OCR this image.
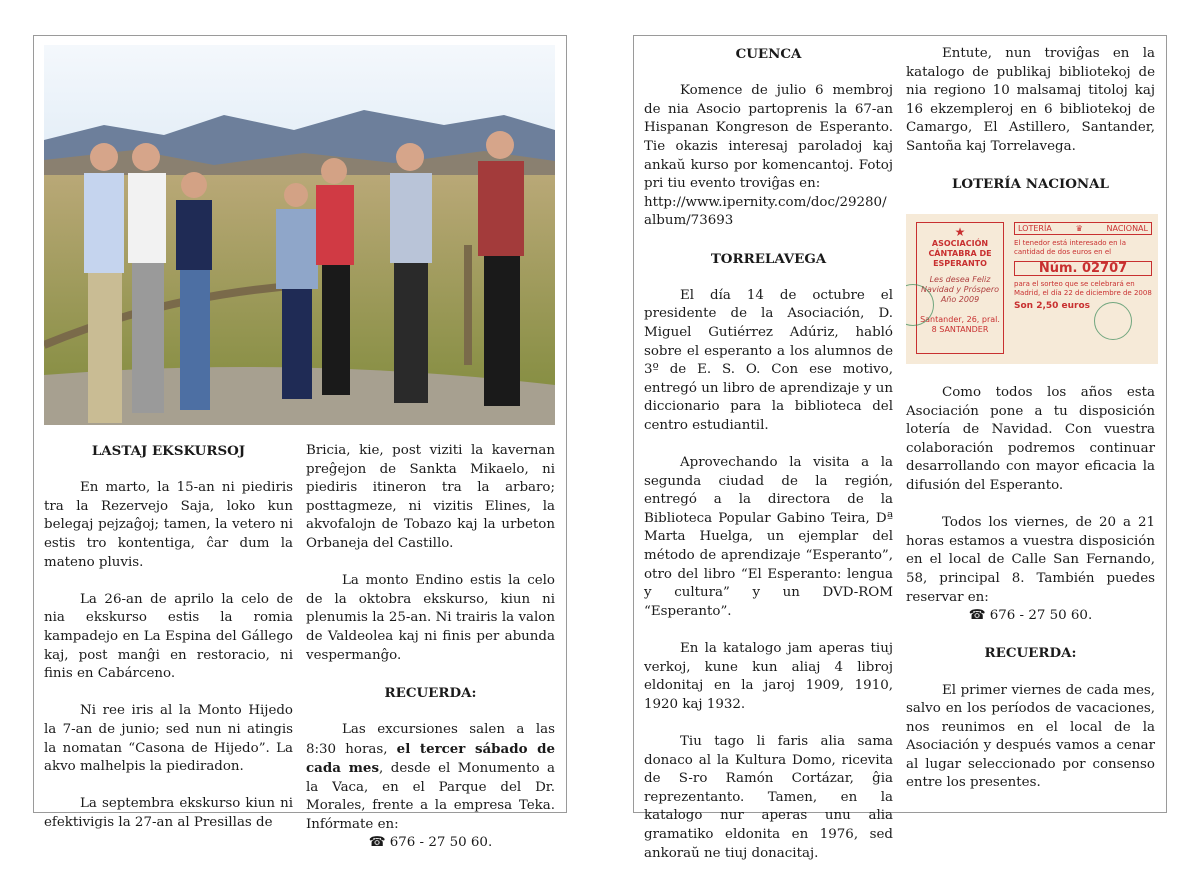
LASTAJ EKSKURSOJ

En marto, la 15-an ni piediris tra la Rezervejo Saja, loko kun belegaj pejzaĝoj; tamen, la vetero ni estis tro kontentiga, ĉar dum la mateno pluvis.

La 26-an de aprilo la celo de nia ekskurso estis la romia kampadejo en La Espina del Gállego kaj, post manĝi en restoracio, ni finis en Cabárceno.

Ni ree iris al la Monto Hijedo la 7-an de junio; sed nun ni atingis la nomatan “Casona de Hijedo”. La akvo malhelpis la piediradon.

La septembra ekskurso kiun ni efektivigis la 27-an al Presillas de

Bricia, kie, post viziti la kavernan preĝejon de Sankta Mikaelo, ni piediris itineron tra la arbaro; posttagmeze, ni vizitis Elines, la akvofalojn de Tobazo kaj la urbeton Orbaneja del Castillo.

La monto Endino estis la celo de la oktobra ekskurso, kiun ni plenumis la 25-an. Ni trairis la valon de Valdeolea kaj ni finis per abunda vespermanĝo.

RECUERDA:

Las excursiones salen a las 8:30 horas, el tercer sábado de cada mes, desde el Monumento a la Vaca, en el Parque del Dr. Morales, frente a la empresa Teka. Infórmate en:

☎ 676 - 27 50 60.

CUENCA

Komence de julio 6 membroj de nia Asocio partoprenis la 67-an Hispanan Kongreson de Esperanto. Tie okazis interesaj paroladoj kaj ankaŭ kurso por komencantoj. Fotoj pri tiu evento troviĝas en:

http://www.ipernity.com/doc/29280/album/73693

TORRELAVEGA

El día 14 de octubre el presidente de la Asociación, D. Miguel Gutiérrez Adúriz, habló sobre el esperanto a los alumnos de 3º de E. S. O. Con ese motivo, entregó un libro de aprendizaje y un diccionario para la biblioteca del centro estudiantil.

Aprovechando la visita a la segunda ciudad de la región, entregó a la directora de la Biblioteca Popular Gabino Teira, Dª Marta Huelga, un ejemplar del método de aprendizaje “Esperanto”, otro del libro “El Esperanto: lengua y cultura” y un DVD-ROM “Esperanto”.

En la katalogo jam aperas tiuj verkoj, kune kun aliaj 4 libroj eldonitaj en la jaroj 1909, 1910, 1920 kaj 1932.

Tiu tago li faris alia sama donaco al la Kultura Domo, ricevita de S-ro Ramón Cortázar, ĝia reprezentanto. Tamen, en la katalogo nur aperas unu alia gramatiko eldonita en 1976, sed ankoraŭ ne tiuj donacitaj.

Entute, nun troviĝas en la katalogo de publikaj bibliotekoj de nia regiono 10 malsamaj titoloj kaj 16 ekzempleroj en 6 bibliotekoj de Camargo, El Astillero, Santander, Santoña kaj Torrelavega.

LOTERÍA NACIONAL
★
ASOCIACIÓN CÁNTABRA DE ESPERANTO
Les desea Feliz Navidad y Próspero Año 2009
Santander, 26, pral. 8 SANTANDER
LOTERÍA	♛	NACIONAL
El tenedor está interesado en la cantidad de dos euros en el
Núm. 02707
para el sorteo que se celebrará en Madrid, el día 22 de diciembre de 2008
Son 2,50 euros

Como todos los años esta Asociación pone a tu disposición lotería de Navidad. Con vuestra colaboración podremos continuar desarrollando con mayor eficacia la difusión del Esperanto.

Todos los viernes, de 20 a 21 horas estamos a vuestra disposición en el local de Calle San Fernando, 58, principal 8. También puedes reservar en:

☎ 676 - 27 50 60.

RECUERDA:

El primer viernes de cada mes, salvo en los períodos de vacaciones, nos reunimos en el local de la Asociación y después vamos a cenar al lugar seleccionado por consenso entre los presentes.
